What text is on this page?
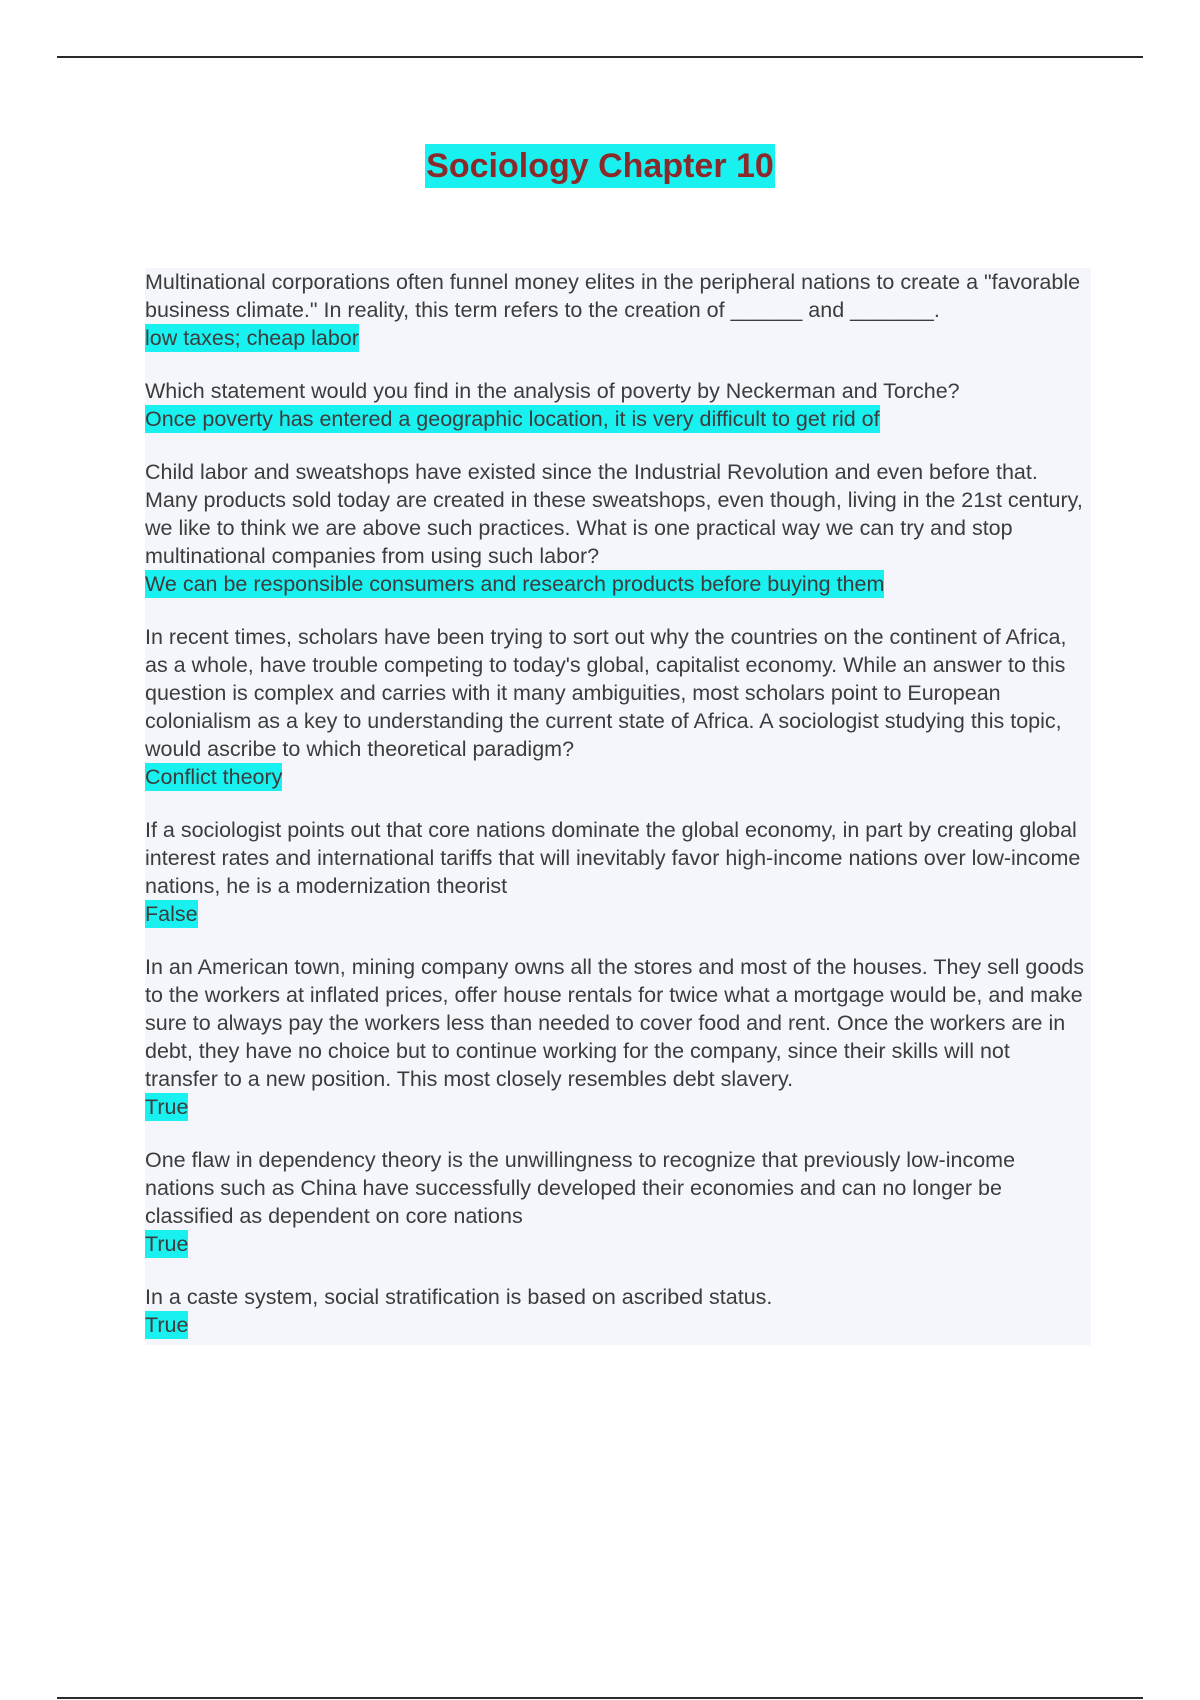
Sociology Chapter 10

Multinational corporations often funnel money elites in the peripheral nations to create a "favorable business climate." In reality, this term refers to the creation of ______ and _______.

low taxes; cheap labor

Which statement would you find in the analysis of poverty by Neckerman and Torche?

Once poverty has entered a geographic location, it is very difficult to get rid of

Child labor and sweatshops have existed since the Industrial Revolution and even before that. Many products sold today are created in these sweatshops, even though, living in the 21st century, we like to think we are above such practices. What is one practical way we can try and stop multinational companies from using such labor?

We can be responsible consumers and research products before buying them

In recent times, scholars have been trying to sort out why the countries on the continent of Africa, as a whole, have trouble competing to today's global, capitalist economy. While an answer to this question is complex and carries with it many ambiguities, most scholars point to European colonialism as a key to understanding the current state of Africa. A sociologist studying this topic, would ascribe to which theoretical paradigm?

Conflict theory

If a sociologist points out that core nations dominate the global economy, in part by creating global interest rates and international tariffs that will inevitably favor high-income nations over low-income nations, he is a modernization theorist

False

In an American town, mining company owns all the stores and most of the houses. They sell goods to the workers at inflated prices, offer house rentals for twice what a mortgage would be, and make sure to always pay the workers less than needed to cover food and rent. Once the workers are in debt, they have no choice but to continue working for the company, since their skills will not transfer to a new position. This most closely resembles debt slavery.

True

One flaw in dependency theory is the unwillingness to recognize that previously low-income nations such as China have successfully developed their economies and can no longer be classified as dependent on core nations

True

In a caste system, social stratification is based on ascribed status.

True
